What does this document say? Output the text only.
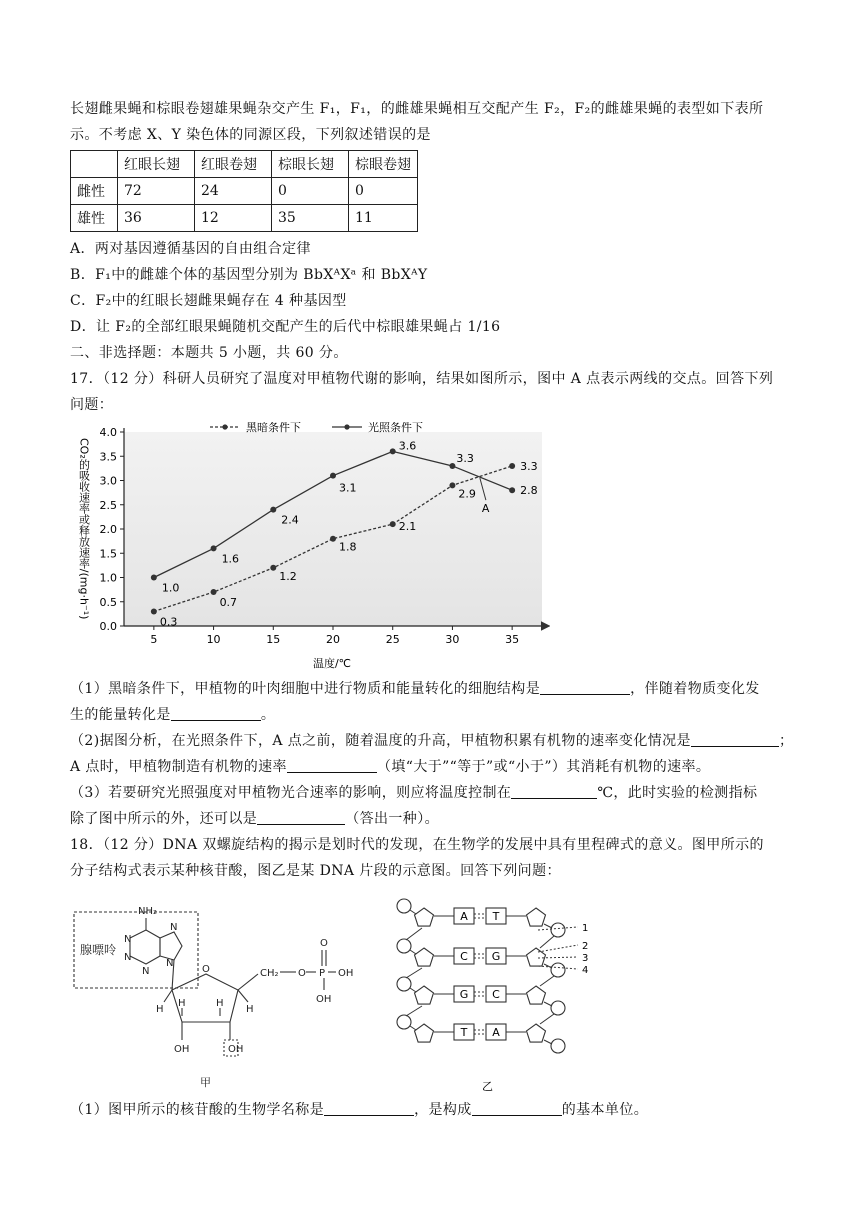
长翅雌果蝇和棕眼卷翅雄果蝇杂交产生 F₁，F₁，的雌雄果蝇相互交配产生 F₂，F₂的雌雄果蝇的表型如下表所

示。不考虑 X、Y 染色体的同源区段，下列叙述错误的是

	红眼长翅	红眼卷翅	棕眼长翅	棕眼卷翅
雌性	72	24	0	0
雄性	36	12	35	11

A．两对基因遵循基因的自由组合定律

B．F₁中的雌雄个体的基因型分别为 BbXᴬXᵃ 和 BbXᴬY

C．F₂中的红眼长翅雌果蝇存在 4 种基因型

D．让 F₂的全部红眼果蝇随机交配产生的后代中棕眼雄果蝇占 1/16

二、非选择题：本题共 5 小题，共 60 分。

17．（12 分）科研人员研究了温度对甲植物代谢的影响，结果如图所示，图中 A 点表示两线的交点。回答下列

问题：

0.0
0.5
1.0
1.5
2.0
2.5
3.0
3.5
4.0
5	10	15	20	25	30	35
黑暗条件下	光照条件下
0.3
0.7
1.2
1.8
2.1
2.9
3.3
1.0
1.6
2.4
3.1
3.6
3.3
2.8
A
温度/℃
CO₂的吸收速率或释放速率/(mg·h⁻¹)

（1）黑暗条件下，甲植物的叶肉细胞中进行物质和能量转化的细胞结构是	，伴随着物质变化发

生的能量转化是	。

（2)据图分析，在光照条件下，A 点之前，随着温度的升高，甲植物积累有机物的速率变化情况是	；

A 点时，甲植物制造有机物的速率	（填“大于”“等于”或“小于”）其消耗有机物的速率。

（3）若要研究光照强度对甲植物光合速率的影响，则应将温度控制在	℃，此时实验的检测指标

除了图中所示的外，还可以是	（答出一种）。

18．（12 分）DNA 双螺旋结构的揭示是划时代的发现，在生物学的发展中具有里程碑式的意义。图甲所示的

分子结构式表示某种核苷酸，图乙是某 DNA 片段的示意图。回答下列问题：

腺嘌呤
NH₂
N
N
N
N
N
O
H
H	H
H
OH	OH
CH₂ O
O
P OH
OH
甲
A T
C G
G C
T A
1
2
3
4
乙

（1）图甲所示的核苷酸的生物学名称是	，是构成	的基本单位。
